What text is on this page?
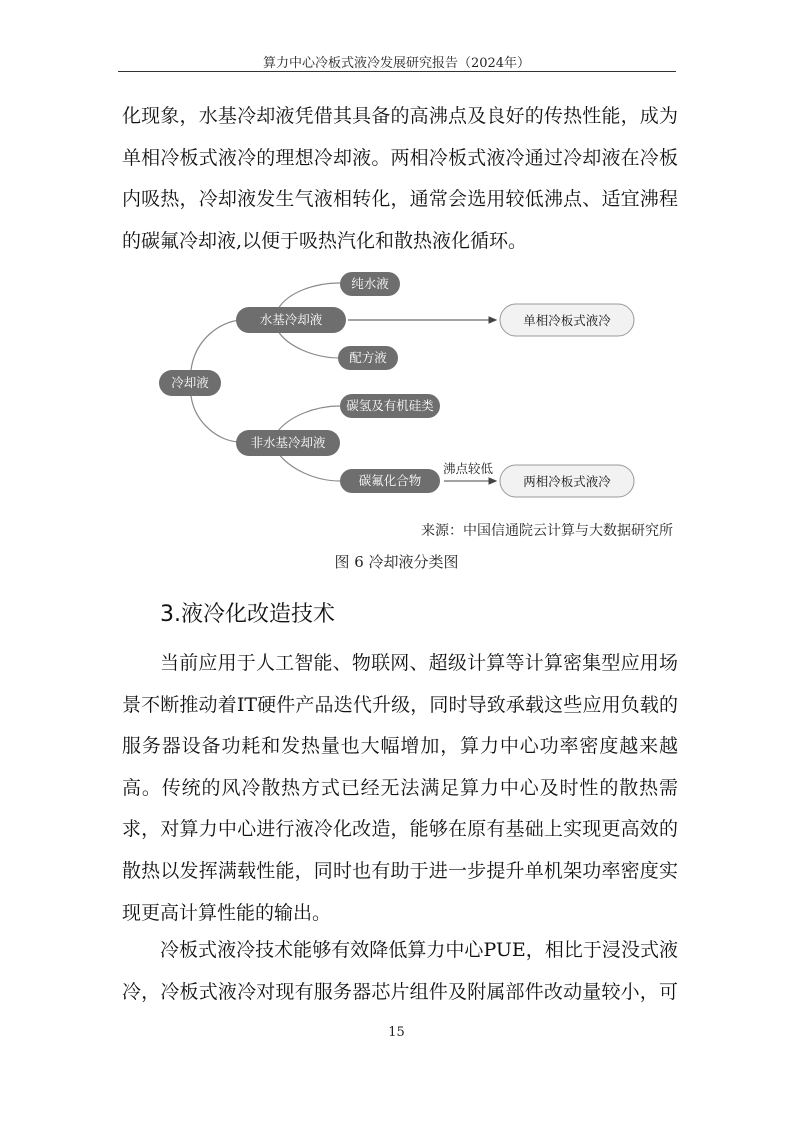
算力中心冷板式液冷发展研究报告（2024年）

化现象，水基冷却液凭借其具备的高沸点及良好的传热性能，成为单相冷板式液冷的理想冷却液。两相冷板式液冷通过冷却液在冷板内吸热，冷却液发生气液相转化，通常会选用较低沸点、适宜沸程的碳氟冷却液,以便于吸热汽化和散热液化循环。

冷却液
水基冷却液
纯水液
配方液
非水基冷却液
碳氢及有机硅类
碳氟化合物
沸点较低
单相冷板式液冷
两相冷板式液冷
来源：中国信通院云计算与大数据研究所
图 6 冷却液分类图
3.液冷化改造技术

当前应用于人工智能、物联网、超级计算等计算密集型应用场景不断推动着IT硬件产品迭代升级，同时导致承载这些应用负载的服务器设备功耗和发热量也大幅增加，算力中心功率密度越来越高。传统的风冷散热方式已经无法满足算力中心及时性的散热需求，对算力中心进行液冷化改造，能够在原有基础上实现更高效的散热以发挥满载性能，同时也有助于进一步提升单机架功率密度实现更高计算性能的输出。

冷板式液冷技术能够有效降低算力中心PUE，相比于浸没式液冷，冷板式液冷对现有服务器芯片组件及附属部件改动量较小，可

15
